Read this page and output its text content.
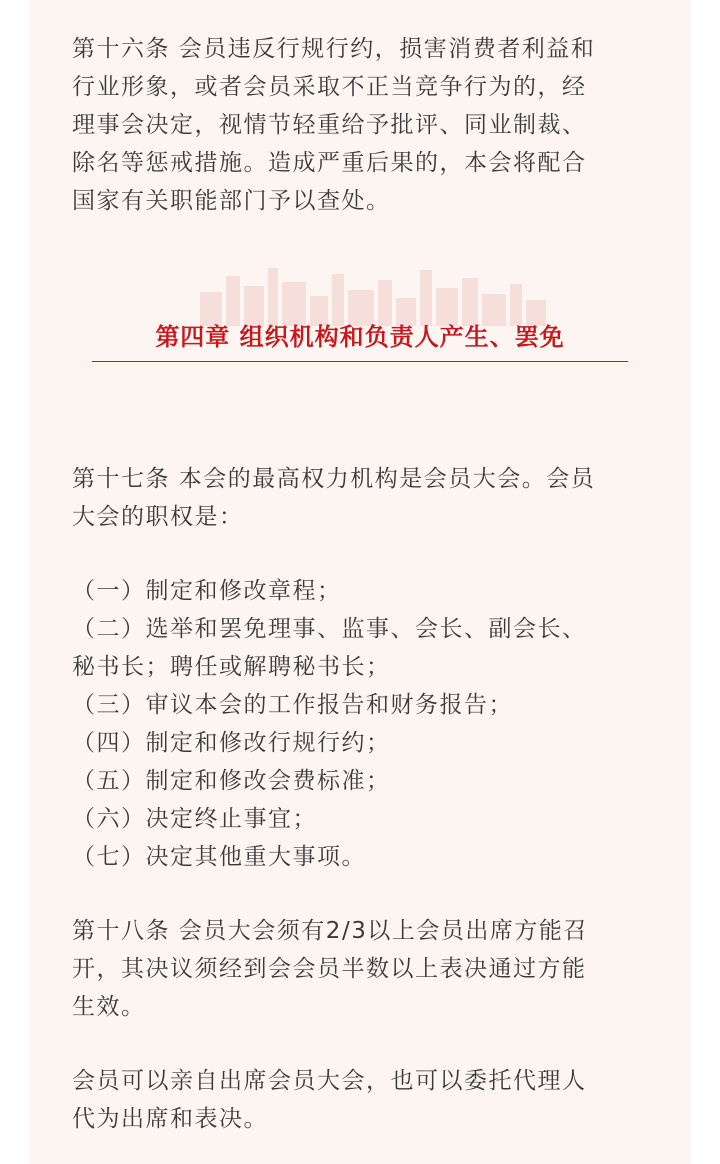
第十六条 会员违反行规行约，损害消费者利益和
行业形象，或者会员采取不正当竞争行为的，经
理事会决定，视情节轻重给予批评、同业制裁、
除名等惩戒措施。造成严重后果的，本会将配合
国家有关职能部门予以查处。

第四章 组织机构和负责人产生、罢免

第十七条 本会的最高权力机构是会员大会。会员
大会的职权是：

（一）制定和修改章程；
（二）选举和罢免理事、监事、会长、副会长、
秘书长；聘任或解聘秘书长；
（三）审议本会的工作报告和财务报告；
（四）制定和修改行规行约；
（五）制定和修改会费标准；
（六）决定终止事宜；
（七）决定其他重大事项。

第十八条 会员大会须有2/3以上会员出席方能召
开，其决议须经到会会员半数以上表决通过方能
生效。

会员可以亲自出席会员大会，也可以委托代理人
代为出席和表决。
